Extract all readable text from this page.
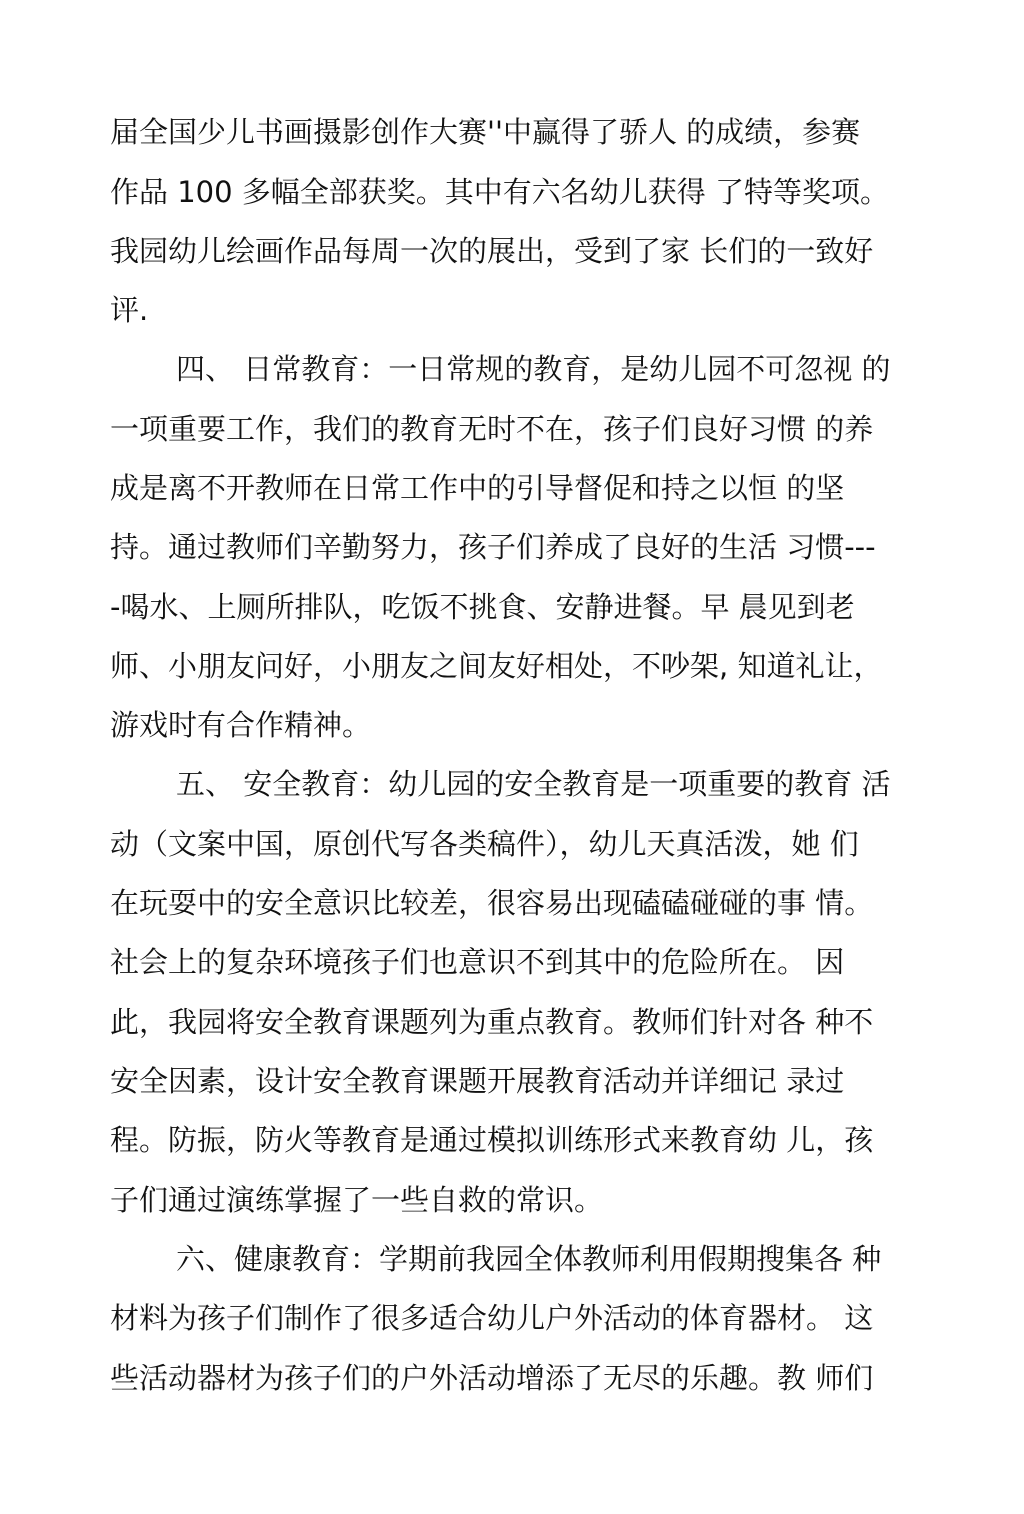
届全国少儿书画摄影创作大赛''中赢得了骄人 的成绩，参赛

作品 100 多幅全部获奖。其中有六名幼儿获得 了特等奖项。

我园幼儿绘画作品每周一次的展出，受到了家 长们的一致好

评.

四、 日常教育：一日常规的教育，是幼儿园不可忽视 的

一项重要工作，我们的教育无时不在，孩子们良好习惯 的养

成是离不开教师在日常工作中的引导督促和持之以恒 的坚

持。通过教师们辛勤努力，孩子们养成了良好的生活 习惯---

-喝水、上厕所排队，吃饭不挑食、安静进餐。早 晨见到老

师、小朋友问好，小朋友之间友好相处，不吵架, 知道礼让，

游戏时有合作精神。

五、 安全教育：幼儿园的安全教育是一项重要的教育 活

动（文案中国，原创代写各类稿件），幼儿天真活泼，她 们

在玩耍中的安全意识比较差，很容易出现磕磕碰碰的事 情。

社会上的复杂环境孩子们也意识不到其中的危险所在。 因

此，我园将安全教育课题列为重点教育。教师们针对各 种不

安全因素，设计安全教育课题开展教育活动并详细记 录过

程。防振，防火等教育是通过模拟训练形式来教育幼 儿，孩

子们通过演练掌握了一些自救的常识。

六、健康教育：学期前我园全体教师利用假期搜集各 种

材料为孩子们制作了很多适合幼儿户外活动的体育器材。 这

些活动器材为孩子们的户外活动增添了无尽的乐趣。教 师们
